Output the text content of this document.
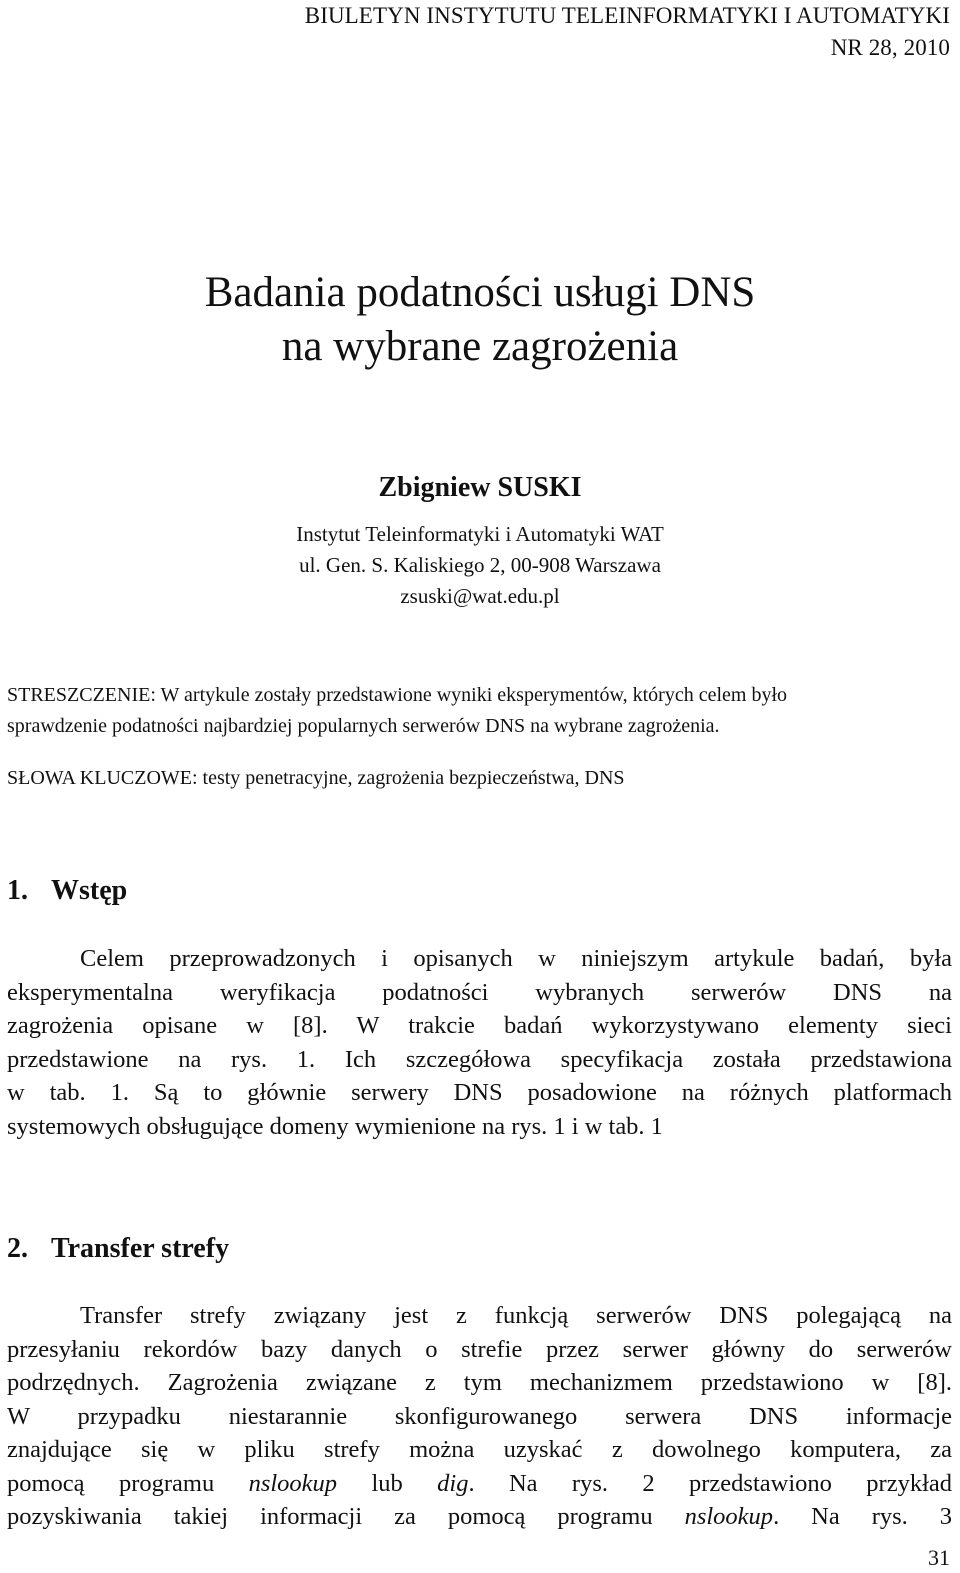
BIULETYN INSTYTUTU TELEINFORMATYKI I AUTOMATYKI
NR 28, 2010
Badania podatności usługi DNS
na wybrane zagrożenia
Zbigniew SUSKI
Instytut Teleinformatyki i Automatyki WAT
ul. Gen. S. Kaliskiego 2, 00-908 Warszawa
zsuski@wat.edu.pl
STRESZCZENIE: W artykule zostały przedstawione wyniki eksperymentów, których celem było
sprawdzenie podatności najbardziej popularnych serwerów DNS na wybrane zagrożenia.
SŁOWA KLUCZOWE: testy penetracyjne, zagrożenia bezpieczeństwa, DNS
1. Wstęp
Celem przeprowadzonych i opisanych w niniejszym artykule badań, była
eksperymentalna weryfikacja podatności wybranych serwerów DNS na
zagrożenia opisane w [8]. W trakcie badań wykorzystywano elementy sieci
przedstawione na rys. 1. Ich szczegółowa specyfikacja została przedstawiona
w tab. 1. Są to głównie serwery DNS posadowione na różnych platformach
systemowych obsługujące domeny wymienione na rys. 1 i w tab. 1
2. Transfer strefy
Transfer strefy związany jest z funkcją serwerów DNS polegającą na
przesyłaniu rekordów bazy danych o strefie przez serwer główny do serwerów
podrzędnych. Zagrożenia związane z tym mechanizmem przedstawiono w [8].
W przypadku niestarannie skonfigurowanego serwera DNS informacje
znajdujące się w pliku strefy można uzyskać z dowolnego komputera, za
pomocą programu nslookup lub dig. Na rys. 2 przedstawiono przykład
pozyskiwania takiej informacji za pomocą programu nslookup. Na rys. 3
31
